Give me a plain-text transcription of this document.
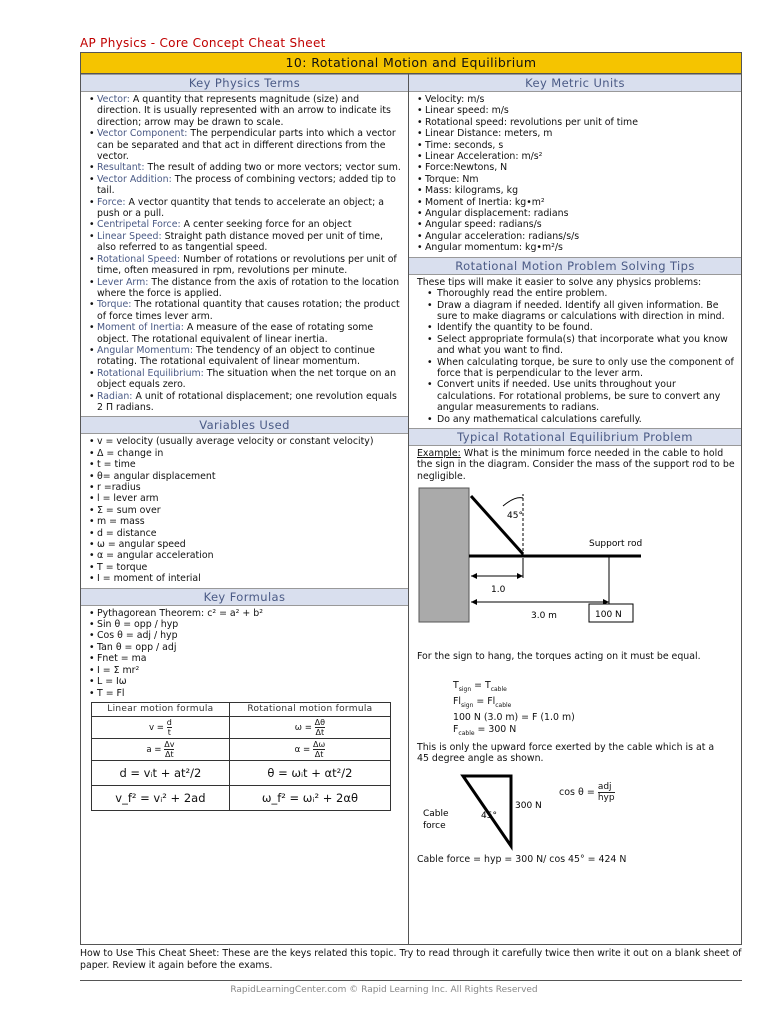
AP Physics - Core Concept Cheat Sheet
10: Rotational Motion and Equilibrium
Key Physics Terms
• Vector: A quantity that represents magnitude (size) and direction. It is usually represented with an arrow to indicate its direction; arrow may be drawn to scale.
• Vector Component: The perpendicular parts into which a vector can be separated and that act in different directions from the vector.
• Resultant: The result of adding two or more vectors; vector sum.
• Vector Addition: The process of combining vectors; added tip to tail.
• Force: A vector quantity that tends to accelerate an object; a push or a pull.
• Centripetal Force: A center seeking force for an object
• Linear Speed: Straight path distance moved per unit of time, also referred to as tangential speed.
• Rotational Speed: Number of rotations or revolutions per unit of time, often measured in rpm, revolutions per minute.
• Lever Arm: The distance from the axis of rotation to the location where the force is applied.
• Torque: The rotational quantity that causes rotation; the product of force times lever arm.
• Moment of Inertia: A measure of the ease of rotating some object. The rotational equivalent of linear inertia.
• Angular Momentum: The tendency of an object to continue rotating. The rotational equivalent of linear momentum.
• Rotational Equilibrium: The situation when the net torque on an object equals zero.
• Radian: A unit of rotational displacement; one revolution equals 2 Π radians.
Variables Used
• v = velocity (usually average velocity or constant velocity)
• Δ = change in
• t = time
• θ= angular displacement
• r =radius
• l = lever arm
• Σ = sum over
• m = mass
• d = distance
• ω = angular speed
• α = angular acceleration
• T = torque
• I = moment of interial
Key Formulas
• Pythagorean Theorem: c² = a² + b²
• Sin θ = opp / hyp
• Cos θ = adj / hyp
• Tan θ = opp / adj
• Fnet = ma
• I = Σ mr²
• L = Iω
• T = Fl
Linear motion formula	Rotational motion formula
$v = \frac{d}{t}$	$\omega = \frac{\Delta\theta}{\Delta t}$

$a = \frac{\Delta v}{\Delta t}$	$\alpha = \frac{\Delta\omega}{\Delta t}$

d = vᵢt + at²/2	θ = ωᵢt + αt²/2
v_f² = vᵢ² + 2ad	ω_f² = ωᵢ² + 2αθ
Key Metric Units
• Velocity: m/s
• Linear speed: m/s
• Rotational speed: revolutions per unit of time
• Linear Distance: meters, m
• Time: seconds, s
• Linear Acceleration: m/s²
• Force:Newtons, N
• Torque: Nm
• Mass: kilograms, kg
• Moment of Inertia: kg•m²
• Angular displacement: radians
• Angular speed: radians/s
• Angular acceleration: radians/s/s
• Angular momentum: kg•m²/s
Rotational Motion Problem Solving Tips
These tips will make it easier to solve any physics problems:
• Thoroughly read the entire problem.
• Draw a diagram if needed. Identify all given information. Be sure to make diagrams or calculations with direction in mind.
• Identify the quantity to be found.
• Select appropriate formula(s) that incorporate what you know and what you want to find.
• When calculating torque, be sure to only use the component of force that is perpendicular to the lever arm.
• Convert units if needed. Use units throughout your calculations. For rotational problems, be sure to convert any angular measurements to radians.
• Do any mathematical calculations carefully.
Typical Rotational Equilibrium Problem
Example: What is the minimum force needed in the cable to hold the sign in the diagram. Consider the mass of the support rod to be negligible.
45°
Support rod
1.0
3.0 m	100 N
For the sign to hang, the torques acting on it must be equal.
$T_{sign} = T_{cable}$
$Fl_{sign} = Fl_{cable}$
100 N (3.0 m) = F (1.0 m)
$F_{cable} = 300$ N
This is only the upward force exerted by the cable which is at a 45 degree angle as shown.
300 N
45°
Cable
force
$\cos \theta = \frac{\text{adj}}{\text{hyp}}$
Cable force = hyp = 300 N/ cos 45° = 424 N
How to Use This Cheat Sheet: These are the keys related this topic. Try to read through it carefully twice then write it out on a blank sheet of paper. Review it again before the exams.
RapidLearningCenter.com © Rapid Learning Inc. All Rights Reserved
